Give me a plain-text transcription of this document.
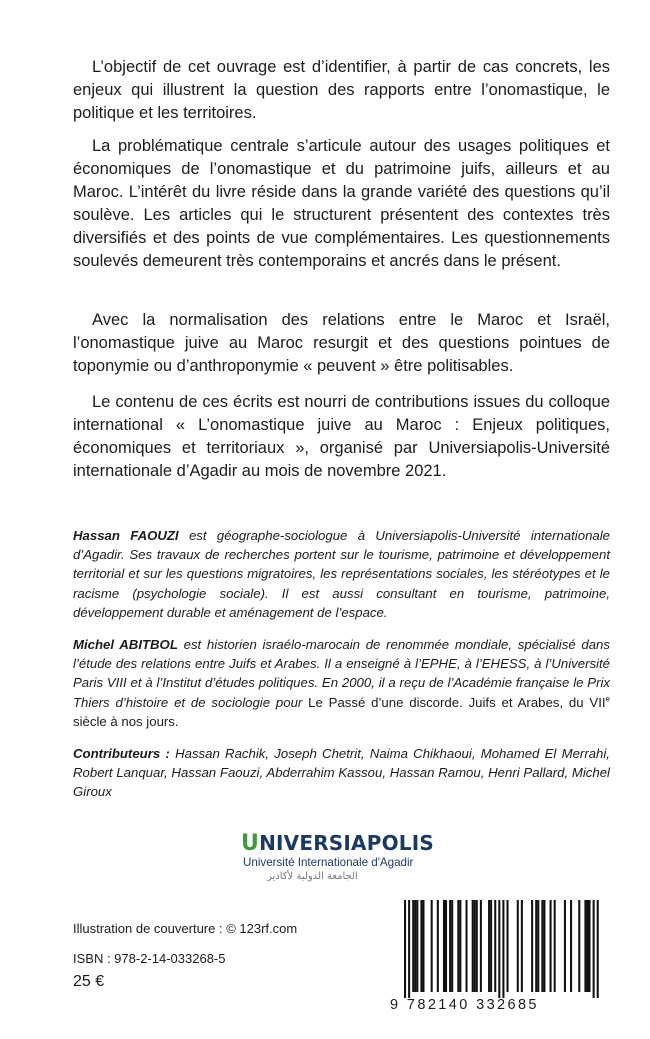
L’objectif de cet ouvrage est d’identifier, à partir de cas concrets, les enjeux qui illustrent la question des rapports entre l’onomastique, le politique et les territoires.

La problématique centrale s’articule autour des usages politiques et économiques de l’onomastique et du patrimoine juifs, ailleurs et au Maroc. L’intérêt du livre réside dans la grande variété des questions qu’il soulève. Les articles qui le structurent présentent des contextes très diversifiés et des points de vue complémentaires. Les questionnements soulevés demeurent très contemporains et ancrés dans le présent.

Avec la normalisation des relations entre le Maroc et Israël, l’onomastique juive au Maroc resurgit et des questions pointues de toponymie ou d’anthroponymie « peuvent » être politisables.

Le contenu de ces écrits est nourri de contributions issues du colloque international « L’onomastique juive au Maroc : Enjeux politiques, économiques et territoriaux », organisé par Universiapolis-Université internationale d’Agadir au mois de novembre 2021.

Hassan FAOUZI est géographe-sociologue à Universiapolis-Université internationale d’Agadir. Ses travaux de recherches portent sur le tourisme, patrimoine et développement territorial et sur les questions migratoires, les représentations sociales, les stéréotypes et le racisme (psychologie sociale). Il est aussi consultant en tourisme, patrimoine, développement durable et aménagement de l’espace.

Michel ABITBOL est historien israélo-marocain de renommée mondiale, spécialisé dans l’étude des relations entre Juifs et Arabes. Il a enseigné à l’EPHE, à l’EHESS, à l’Université Paris VIII et à l’Institut d’études politiques. En 2000, il a reçu de l’Académie française le Prix Thiers d’histoire et de sociologie pour Le Passé d’une discorde. Juifs et Arabes, du VIIe siècle à nos jours.

Contributeurs : Hassan Rachik, Joseph Chetrit, Naima Chikhaoui, Mohamed El Merrahi, Robert Lanquar, Hassan Faouzi, Abderrahim Kassou, Hassan Ramou, Henri Pallard, Michel Giroux

UNIVERSIAPOLIS
Université Internationale d'Agadir
الجامعة الدولية لأكادير
Illustration de couverture : © 123rf.com
ISBN : 978-2-14-033268-5
25 €
9 782140 332685
